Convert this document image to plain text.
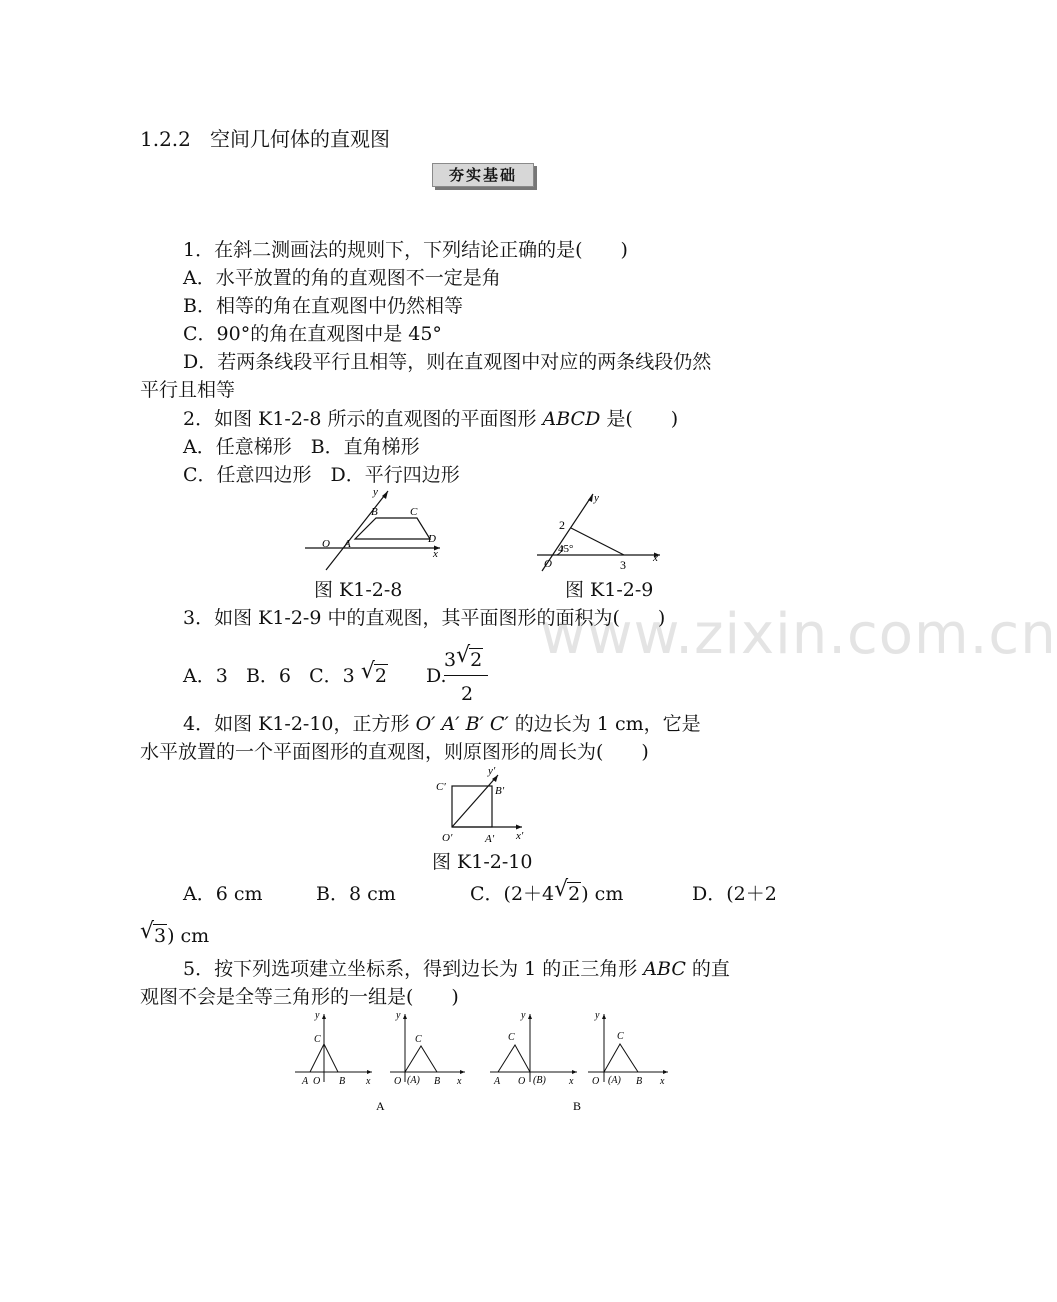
www.zixin.com.cn
1.2.2 空间几何体的直观图
夯实基础
1．在斜二测画法的规则下，下列结论正确的是(　　)
A．水平放置的角的直观图不一定是角
B．相等的角在直观图中仍然相等
C．90°的角在直观图中是 45°
D．若两条线段平行且相等，则在直观图中对应的两条线段仍然
平行且相等
2．如图 K1-2-8 所示的直观图的平面图形 ABCD 是(　　)
A．任意梯形　B．直角梯形
C．任意四边形　D．平行四边形
y
B	C
O A	D
x
图 K1-2-8
y
2
45°
O	3 x
图 K1-2-9
3．如图 K1-2-9 中的直观图，其平面图形的面积为(　　)
A．3 B．6 C．3 √ 2 D.
3 √ 2
2
4．如图 K1-2-10，正方形 O′ A′ B′ C′ 的边长为 1 cm，它是
水平放置的一个平面图形的直观图，则原图形的周长为(　　)
y′
C′	B′
O′	A′ x′
图 K1-2-10
A．6 cm	B．8 cm	C．(2＋4 √ 2) cm	D．(2＋2
√ 3) cm
5．按下列选项建立坐标系，得到边长为 1 的正三角形 ABC 的直
观图不会是全等三角形的一组是(　　)
y
C
A O B x
y
C
O (A) B x
y
C
A O (B) x
y
C
O (A) B x
A	B
